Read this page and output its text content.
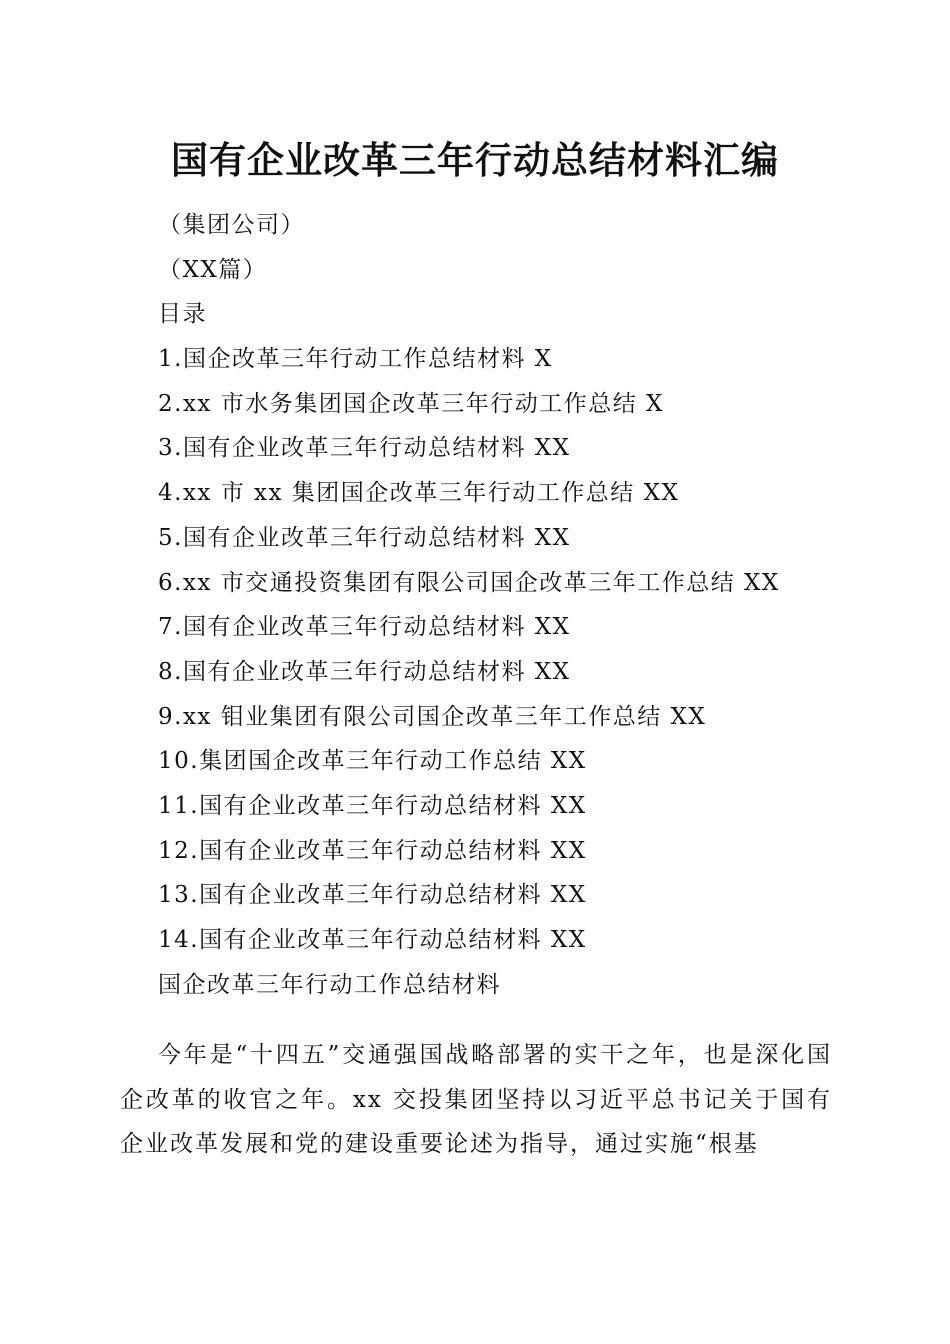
国有企业改革三年行动总结材料汇编
（集团公司）
（XX篇）
目录
1.国企改革三年行动工作总结材料 X
2.xx 市水务集团国企改革三年行动工作总结 X
3.国有企业改革三年行动总结材料 XX
4.xx 市 xx 集团国企改革三年行动工作总结 XX
5.国有企业改革三年行动总结材料 XX
6.xx 市交通投资集团有限公司国企改革三年工作总结 XX
7.国有企业改革三年行动总结材料 XX
8.国有企业改革三年行动总结材料 XX
9.xx 钼业集团有限公司国企改革三年工作总结 XX
10.集团国企改革三年行动工作总结 XX
11.国有企业改革三年行动总结材料 XX
12.国有企业改革三年行动总结材料 XX
13.国有企业改革三年行动总结材料 XX
14.国有企业改革三年行动总结材料 XX
国企改革三年行动工作总结材料

今年是“十四五”交通强国战略部署的实干之年，也是深化国企改革的收官之年。xx 交投集团坚持以习近平总书记关于国有企业改革发展和党的建设重要论述为指导，通过实施“根基
